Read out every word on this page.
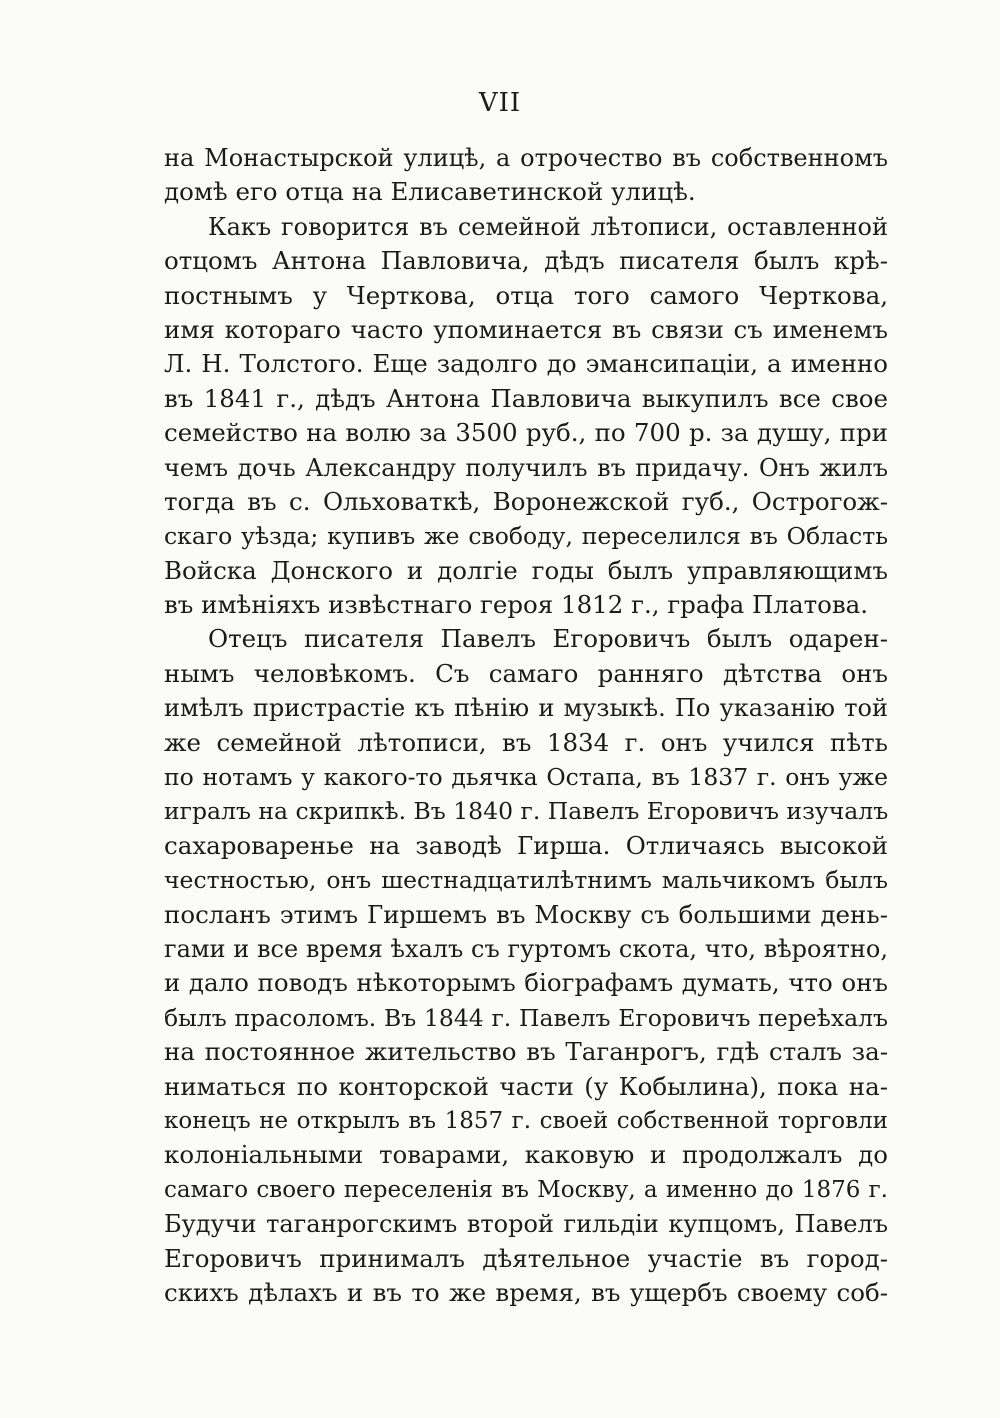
VII
на Монастырской улицѣ, а отрочество въ собственномъ
домѣ его отца на Елисаветинской улицѣ.
Какъ говорится въ семейной лѣтописи, оставленной
отцомъ Антона Павловича, дѣдъ писателя былъ крѣ-
постнымъ у Черткова, отца того самого Черткова,
имя котораго часто упоминается въ связи съ именемъ
Л. Н. Толстого. Еще задолго до эмансипаціи, а именно
въ 1841 г., дѣдъ Антона Павловича выкупилъ все свое
семейство на волю за 3500 руб., по 700 р. за душу, при
чемъ дочь Александру получилъ въ придачу. Онъ жилъ
тогда въ с. Ольховаткѣ, Воронежской губ., Острогож-
скаго уѣзда; купивъ же свободу, переселился въ Область
Войска Донского и долгіе годы былъ управляющимъ
въ имѣніяхъ извѣстнаго героя 1812 г., графа Платова.
Отецъ писателя Павелъ Егоровичъ былъ одарен-
нымъ человѣкомъ. Съ самаго ранняго дѣтства онъ
имѣлъ пристрастіе къ пѣнію и музыкѣ. По указанію той
же семейной лѣтописи, въ 1834 г. онъ учился пѣть
по нотамъ у какого-то дьячка Остапа, въ 1837 г. онъ уже
игралъ на скрипкѣ. Въ 1840 г. Павелъ Егоровичъ изучалъ
сахароваренье на заводѣ Гирша. Отличаясь высокой
честностью, онъ шестнадцатилѣтнимъ мальчикомъ былъ
посланъ этимъ Гиршемъ въ Москву съ большими день-
гами и все время ѣхалъ съ гуртомъ скота, что, вѣроятно,
и дало поводъ нѣкоторымъ біографамъ думать, что онъ
былъ прасоломъ. Въ 1844 г. Павелъ Егоровичъ переѣхалъ
на постоянное жительство въ Таганрогъ, гдѣ сталъ за-
ниматься по конторской части (у Кобылина), пока на-
конецъ не открылъ въ 1857 г. своей собственной торговли
колоніальными товарами, каковую и продолжалъ до
самаго своего переселенія въ Москву, а именно до 1876 г.
Будучи таганрогскимъ второй гильдіи купцомъ, Павелъ
Егоровичъ принималъ дѣятельное участіе въ город-
скихъ дѣлахъ и въ то же время, въ ущербъ своему соб-
